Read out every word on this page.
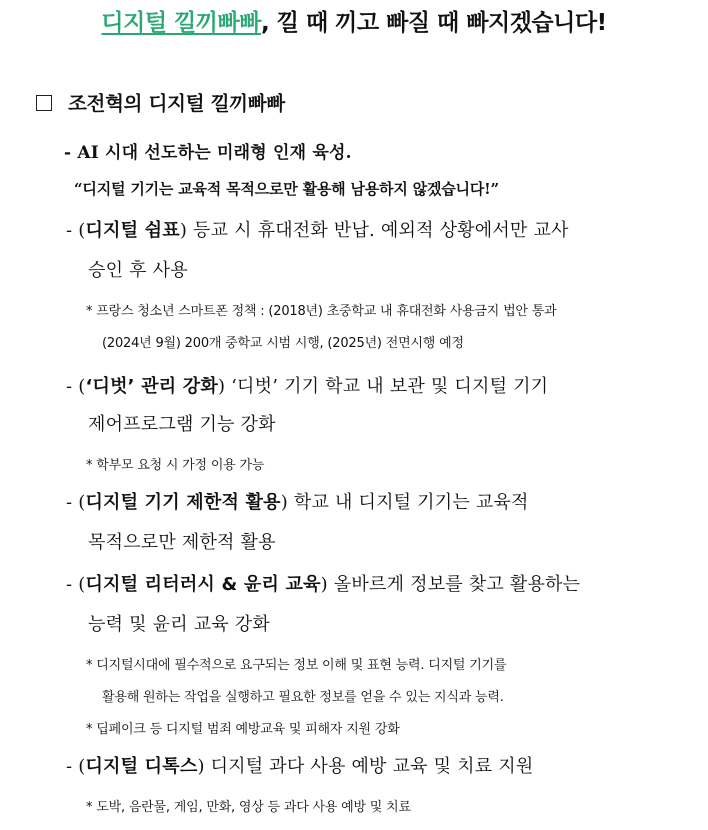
디지털 낄끼빠빠, 낄 때 끼고 빠질 때 빠지겠습니다!
조전혁의 디지털 낄끼빠빠
- AI 시대 선도하는 미래형 인재 육성.
“디지털 기기는 교육적 목적으로만 활용해 남용하지 않겠습니다!”
- (디지털 쉼표) 등교 시 휴대전화 반납. 예외적 상황에서만 교사
승인 후 사용
* 프랑스 청소년 스마트폰 정책 : (2018년) 초중학교 내 휴대전화 사용금지 법안 통과
(2024년 9월) 200개 중학교 시범 시행, (2025년) 전면시행 예정
- (‘디벗’ 관리 강화) ‘디벗’ 기기 학교 내 보관 및 디지털 기기
제어프로그램 기능 강화
* 학부모 요청 시 가정 이용 가능
- (디지털 기기 제한적 활용) 학교 내 디지털 기기는 교육적
목적으로만 제한적 활용
- (디지털 리터러시 & 윤리 교육) 올바르게 정보를 찾고 활용하는
능력 및 윤리 교육 강화
* 디지털시대에 필수적으로 요구되는 정보 이해 및 표현 능력. 디지털 기기를
활용해 원하는 작업을 실행하고 필요한 정보를 얻을 수 있는 지식과 능력.
* 딥페이크 등 디지털 범죄 예방교육 및 피해자 지원 강화
- (디지털 디톡스) 디지털 과다 사용 예방 교육 및 치료 지원
* 도박, 음란물, 게임, 만화, 영상 등 과다 사용 예방 및 치료
